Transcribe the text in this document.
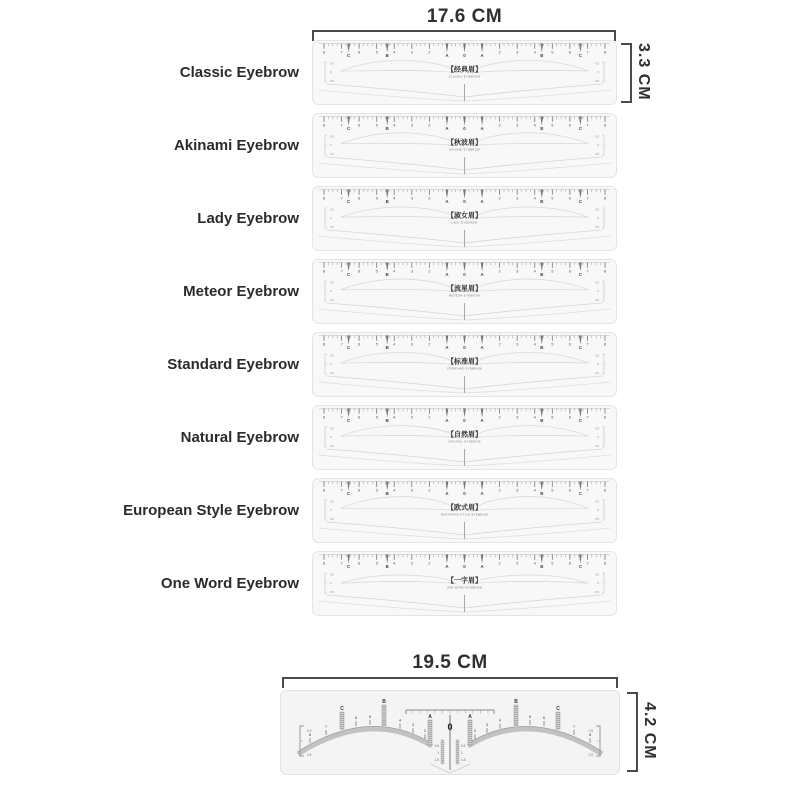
17.6 CM
3.3 CM
Classic Eyebrow
8	7
C
6	5
B
4	3	2
A	0	A
2	3	4
B
5	6
C
7	8
【经典眉】
CLASSIC EYEBROW
0.5
0
0.5
0.5
0
0.5
Akinami Eyebrow
8	7
C
6	5
B
4	3	2
A	0	A
2	3	4
B
5	6
C
7	8
【秋波眉】
AKINAMI EYEBROW
0.5
0
0.5
0.5
0
0.5
Lady Eyebrow
8	7
C
6	5
B
4	3	2
A	0	A
2	3	4
B
5	6
C
7	8
【淑女眉】
LADY EYEBROW
0.5
0
0.5
0.5
0
0.5
Meteor Eyebrow
8	7
C
6	5
B
4	3	2
A	0	A
2	3	4
B
5	6
C
7	8
【流星眉】
METEOR EYEBROW
0.5
0
0.5
0.5
0
0.5
Standard Eyebrow
8	7
C
6	5
B
4	3	2
A	0	A
2	3	4
B
5	6
C
7	8
【标准眉】
STANDARD EYEBROW
0.5
0
0.5
0.5
0
0.5
Natural Eyebrow
8	7
C
6	5
B
4	3	2
A	0	A
2	3	4
B
5	6
C
7	8
【自然眉】
NATURAL EYEBROW
0.5
0
0.5
0.5
0
0.5
European Style Eyebrow
8	7
C
6	5
B
4	3	2
A	0	A
2	3	4
B
5	6
C
7	8
【欧式眉】
EUROPEAN STYLE EYEBROW
0.5
0
0.5
0.5
0
0.5
One Word Eyebrow
8	7
C
6	5
B
4	3	2
A	0	A
2	3	4
B
5	6
C
7	8
【一字眉】
ONE WORD EYEBROW
0.5
0
0.5
0.5
0
0.5
19.5 CM
8	8
7	7
6	6
5	5
4	4
3	3
2	2
C	C
B	B
0
A	A
0.5	0.5
1	1
1.5	1.5
0.5
0.5
0.5
0.5	4.2 CM
